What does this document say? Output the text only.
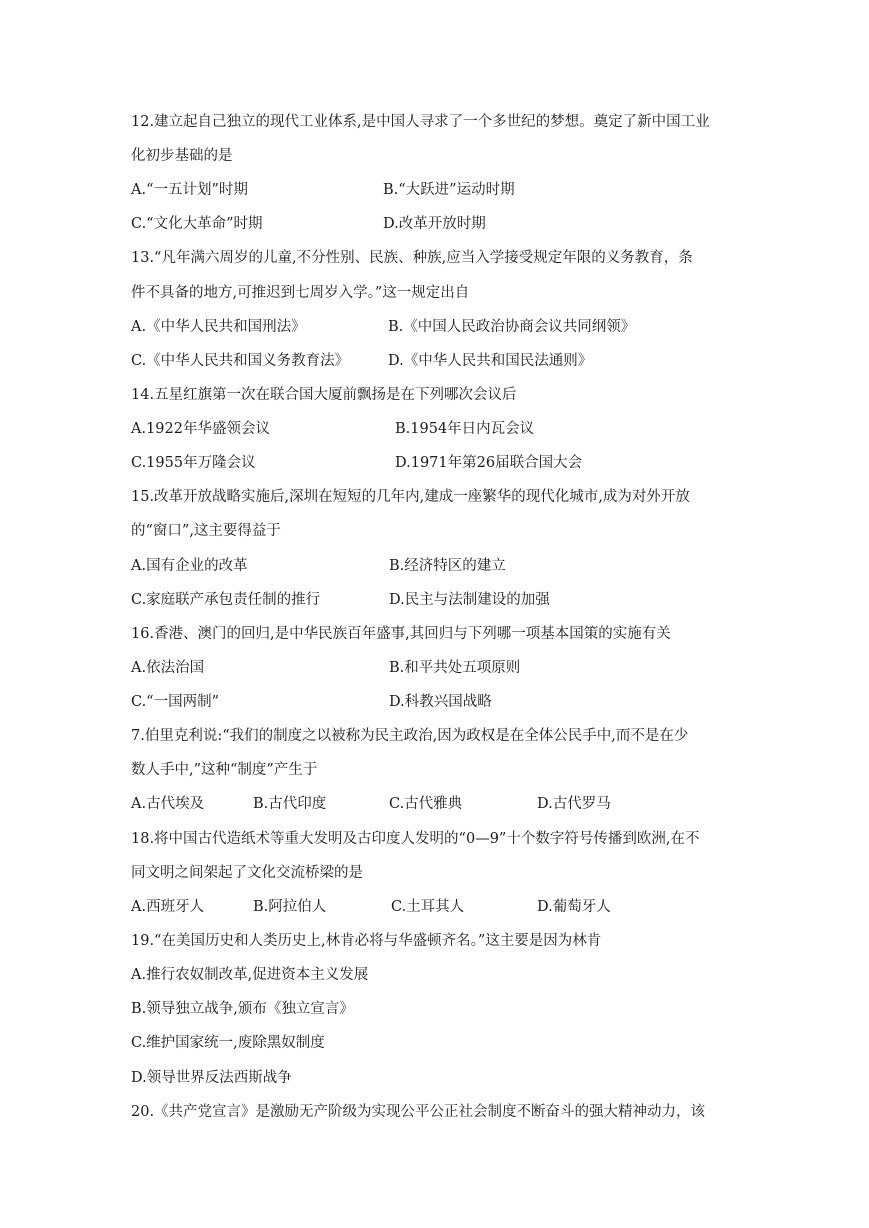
12.建立起自己独立的现代工业体系,是中国人寻求了一个多世纪的梦想。奠定了新中国工业
化初步基础的是
A.“一五计划”时期	B.“大跃进”运动时期
C.“文化大革命”时期	D.改革开放时期
13.“凡年满六周岁的儿童,不分性别、民族、种族,应当入学接受规定年限的义务教育，条
件不具备的地方,可推迟到七周岁入学。”这一规定出自
A.《中华人民共和国刑法》	B.《中国人民政治协商会议共同纲领》
C.《中华人民共和国义务教育法》	D.《中华人民共和国民法通则》
14.五星红旗第一次在联合国大厦前飘扬是在下列哪次会议后
A.1922年华盛领会议	B.1954年日内瓦会议
C.1955年万隆会议	D.1971年第26届联合国大会
15.改革开放战略实施后,深圳在短短的几年内,建成一座繁华的现代化城市,成为对外开放
的“窗口”,这主要得益于
A.国有企业的改革	B.经济特区的建立
C.家庭联产承包责任制的推行	D.民主与法制建设的加强
16.香港、澳门的回归,是中华民族百年盛事,其回归与下列哪一项基本国策的实施有关
A.依法治国	B.和平共处五项原则
C.“一国两制”	D.科教兴国战略
7.伯里克利说:“我们的制度之以被称为民主政治,因为政权是在全体公民手中,而不是在少
数人手中,”这种“制度”产生于
A.古代埃及	B.古代印度	C.古代雅典	D.古代罗马
18.将中国古代造纸术等重大发明及古印度人发明的“0—9”十个数字符号传播到欧洲,在不
同文明之间架起了文化交流桥梁的是
A.西班牙人	B.阿拉伯人	C.土耳其人	D.葡萄牙人
19.“在美国历史和人类历史上,林肯必将与华盛顿齐名。”这主要是因为林肯
A.推行农奴制改革,促进资本主义发展
B.领导独立战争,颁布《独立宣言》
C.维护国家统一,废除黑奴制度
D.领导世界反法西斯战争
20.《共产党宣言》是激励无产阶级为实现公平公正社会制度不断奋斗的强大精神动力，该
